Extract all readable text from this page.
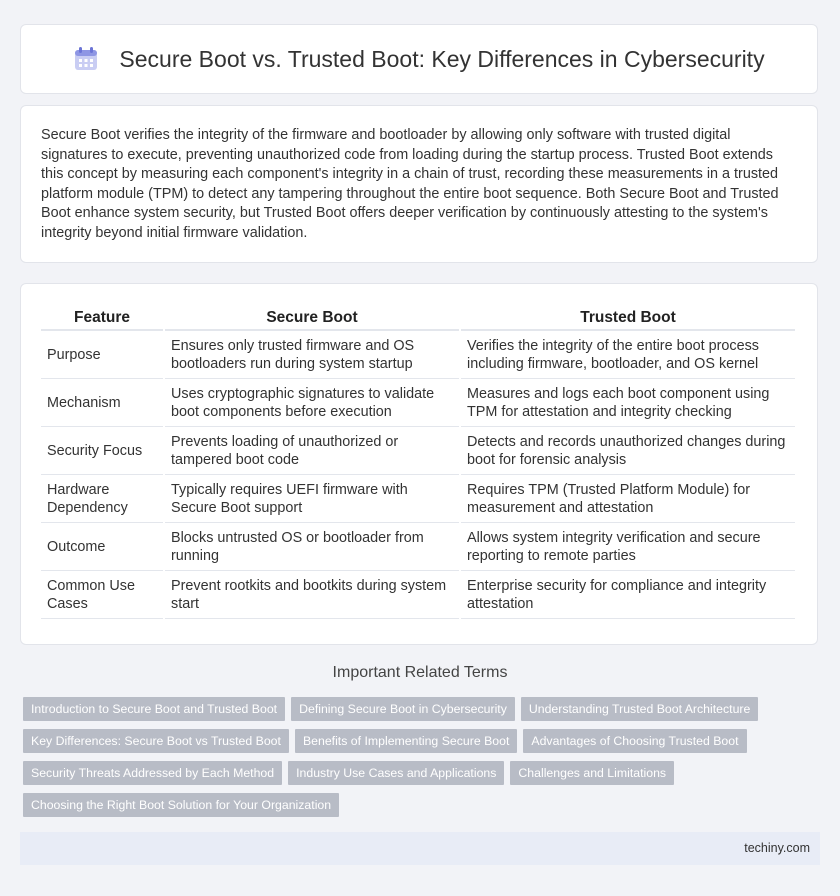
Secure Boot vs. Trusted Boot: Key Differences in Cybersecurity

Secure Boot verifies the integrity of the firmware and bootloader by allowing only software with trusted digital signatures to execute, preventing unauthorized code from loading during the startup process. Trusted Boot extends this concept by measuring each component's integrity in a chain of trust, recording these measurements in a trusted platform module (TPM) to detect any tampering throughout the entire boot sequence. Both Secure Boot and Trusted Boot enhance system security, but Trusted Boot offers deeper verification by continuously attesting to the system's integrity beyond initial firmware validation.

Feature	Secure Boot	Trusted Boot
Purpose	Ensures only trusted firmware and OS bootloaders run during system startup	Verifies the integrity of the entire boot process including firmware, bootloader, and OS kernel
Mechanism	Uses cryptographic signatures to validate boot components before execution	Measures and logs each boot component using TPM for attestation and integrity checking
Security Focus	Prevents loading of unauthorized or tampered boot code	Detects and records unauthorized changes during boot for forensic analysis
Hardware Dependency	Typically requires UEFI firmware with Secure Boot support	Requires TPM (Trusted Platform Module) for measurement and attestation
Outcome	Blocks untrusted OS or bootloader from running	Allows system integrity verification and secure reporting to remote parties
Common Use Cases	Prevent rootkits and bootkits during system start	Enterprise security for compliance and integrity attestation
Important Related Terms
Introduction to Secure Boot and Trusted Boot	Defining Secure Boot in Cybersecurity	Understanding Trusted Boot Architecture
Key Differences: Secure Boot vs Trusted Boot	Benefits of Implementing Secure Boot	Advantages of Choosing Trusted Boot
Security Threats Addressed by Each Method	Industry Use Cases and Applications	Challenges and Limitations
Choosing the Right Boot Solution for Your Organization
techiny.com
